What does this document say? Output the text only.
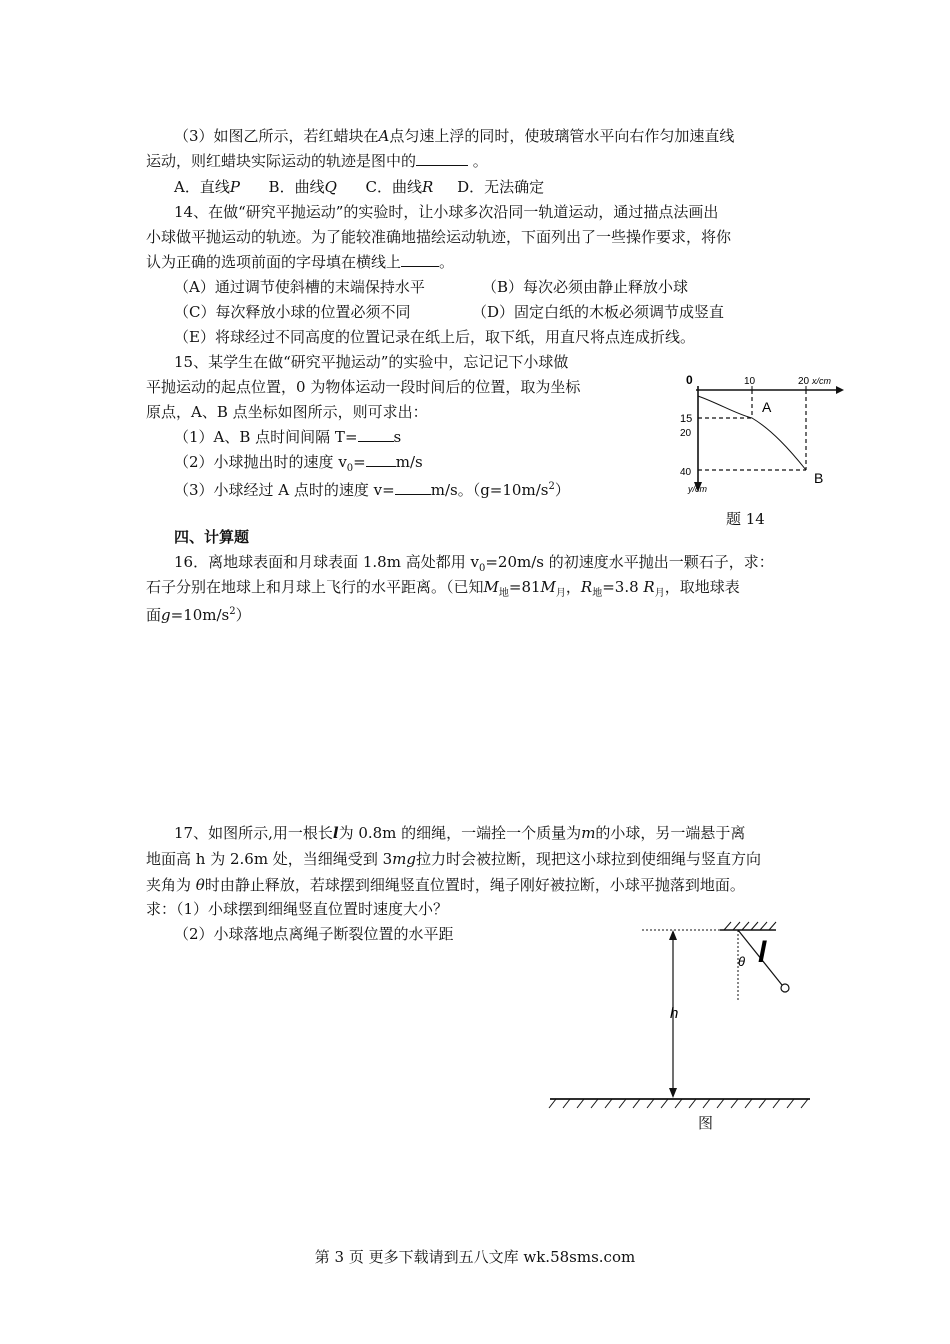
（3）如图乙所示，若红蜡块在A点匀速上浮的同时，使玻璃管水平向右作匀加速直线
运动，则红蜡块实际运动的轨迹是图中的	。
A．直线P B．曲线Q C．曲线R D．无法确定
14、在做“研究平抛运动”的实验时，让小球多次沿同一轨道运动，通过描点法画出
小球做平抛运动的轨迹。为了能较准确地描绘运动轨迹，下面列出了一些操作要求，将你
认为正确的选项前面的字母填在横线上	。
（A）通过调节使斜槽的末端保持水平	（B）每次必须由静止释放小球
（C）每次释放小球的位置必须不同	（D）固定白纸的木板必须调节成竖直
（E）将球经过不同高度的位置记录在纸上后，取下纸，用直尺将点连成折线。
15、某学生在做“研究平抛运动”的实验中，忘记记下小球做
平抛运动的起点位置，0 为物体运动一段时间后的位置，取为坐标
原点，A、B 点坐标如图所示，则可求出：
（1）A、B 点时间间隔 T= s
（2）小球抛出时的速度 $v_0= m/s$
（3）小球经过 A 点时的速度 v= m/s。$(g=10m/s^2)$
0	10	20 x/cm
15
20
40
y/cm
A
B
题 14
四、计算题
16．离地球表面和月球表面 1.8m 高处都用 $v_0=20m/s$ 的初速度水平抛出一颗石子，求：
石子分别在地球上和月球上飞行的水平距离。（已知$M_地=81M_月$，$R_地=3.8$ $R_月$，取地球表
面$g=10m/s^2$）
17、如图所示,用一根长l为 0.8m 的细绳，一端拴一个质量为m的小球，另一端悬于离
地面高 h 为 2.6m 处，当细绳受到 3mg拉力时会被拉断，现把这小球拉到使细绳与竖直方向
夹角为 θ时由静止释放，若球摆到细绳竖直位置时，绳子刚好被拉断，小球平抛落到地面。
求：（1）小球摆到细绳竖直位置时速度大小？
（2）小球落地点离绳子断裂位置的水平距
h
θ l
图
第 3 页 更多下载请到五八文库 wk.58sms.com
